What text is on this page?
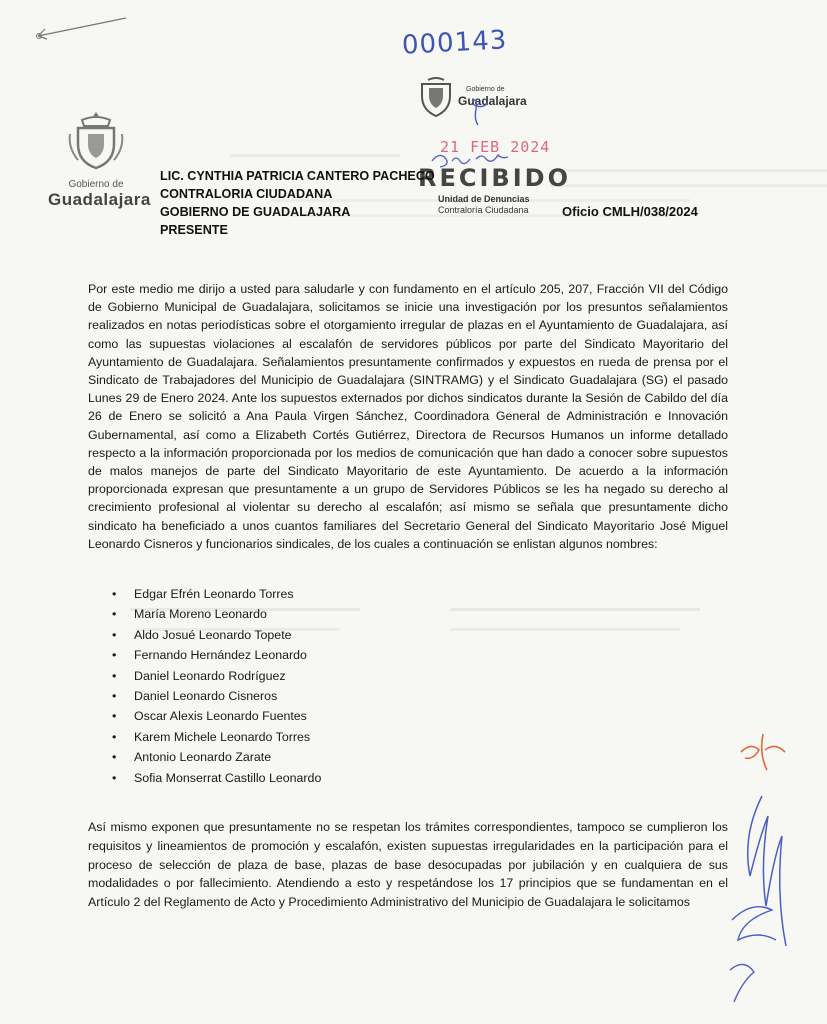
000143
Gobierno de
Guadalajara
Gobierno de
Guadalajara
21 FEB 2024
RECIBIDO
Unidad de Denuncias
Contraloría Ciudadana
LIC. CYNTHIA PATRICIA CANTERO PACHECO
CONTRALORIA CIUDADANA
GOBIERNO DE GUADALAJARA
PRESENTE
Oficio CMLH/038/2024
Por este medio me dirijo a usted para saludarle y con fundamento en el artículo 205, 207, Fracción VII del Código de Gobierno Municipal de Guadalajara, solicitamos se inicie una investigación por los presuntos señalamientos realizados en notas periodísticas sobre el otorgamiento irregular de plazas en el Ayuntamiento de Guadalajara, así como las supuestas violaciones al escalafón de servidores públicos por parte del Sindicato Mayoritario del Ayuntamiento de Guadalajara. Señalamientos presuntamente confirmados y expuestos en rueda de prensa por el Sindicato de Trabajadores del Municipio de Guadalajara (SINTRAMG) y el Sindicato Guadalajara (SG) el pasado Lunes 29 de Enero 2024. Ante los supuestos externados por dichos sindicatos durante la Sesión de Cabildo del día 26 de Enero se solicitó a Ana Paula Virgen Sánchez, Coordinadora General de Administración e Innovación Gubernamental, así como a Elizabeth Cortés Gutiérrez, Directora de Recursos Humanos un informe detallado respecto a la información proporcionada por los medios de comunicación que han dado a conocer sobre supuestos de malos manejos de parte del Sindicato Mayoritario de este Ayuntamiento. De acuerdo a la información proporcionada expresan que presuntamente a un grupo de Servidores Públicos se les ha negado su derecho al crecimiento profesional al violentar su derecho al escalafón; así mismo se señala que presuntamente dicho sindicato ha beneficiado a unos cuantos familiares del Secretario General del Sindicato Mayoritario José Miguel Leonardo Cisneros y funcionarios sindicales, de los cuales a continuación se enlistan algunos nombres:
• Edgar Efrén Leonardo Torres
• María Moreno Leonardo
• Aldo Josué Leonardo Topete
• Fernando Hernández Leonardo
• Daniel Leonardo Rodríguez
• Daniel Leonardo Cisneros
• Oscar Alexis Leonardo Fuentes
• Karem Michele Leonardo Torres
• Antonio Leonardo Zarate
• Sofia Monserrat Castillo Leonardo
Así mismo exponen que presuntamente no se respetan los trámites correspondientes, tampoco se cumplieron los requisitos y lineamientos de promoción y escalafón, existen supuestas irregularidades en la participación para el proceso de selección de plaza de base, plazas de base desocupadas por jubilación y en cualquiera de sus modalidades o por fallecimiento. Atendiendo a esto y respetándose los 17 principios que se fundamentan en el Artículo 2 del Reglamento de Acto y Procedimiento Administrativo del Municipio de Guadalajara le solicitamos
